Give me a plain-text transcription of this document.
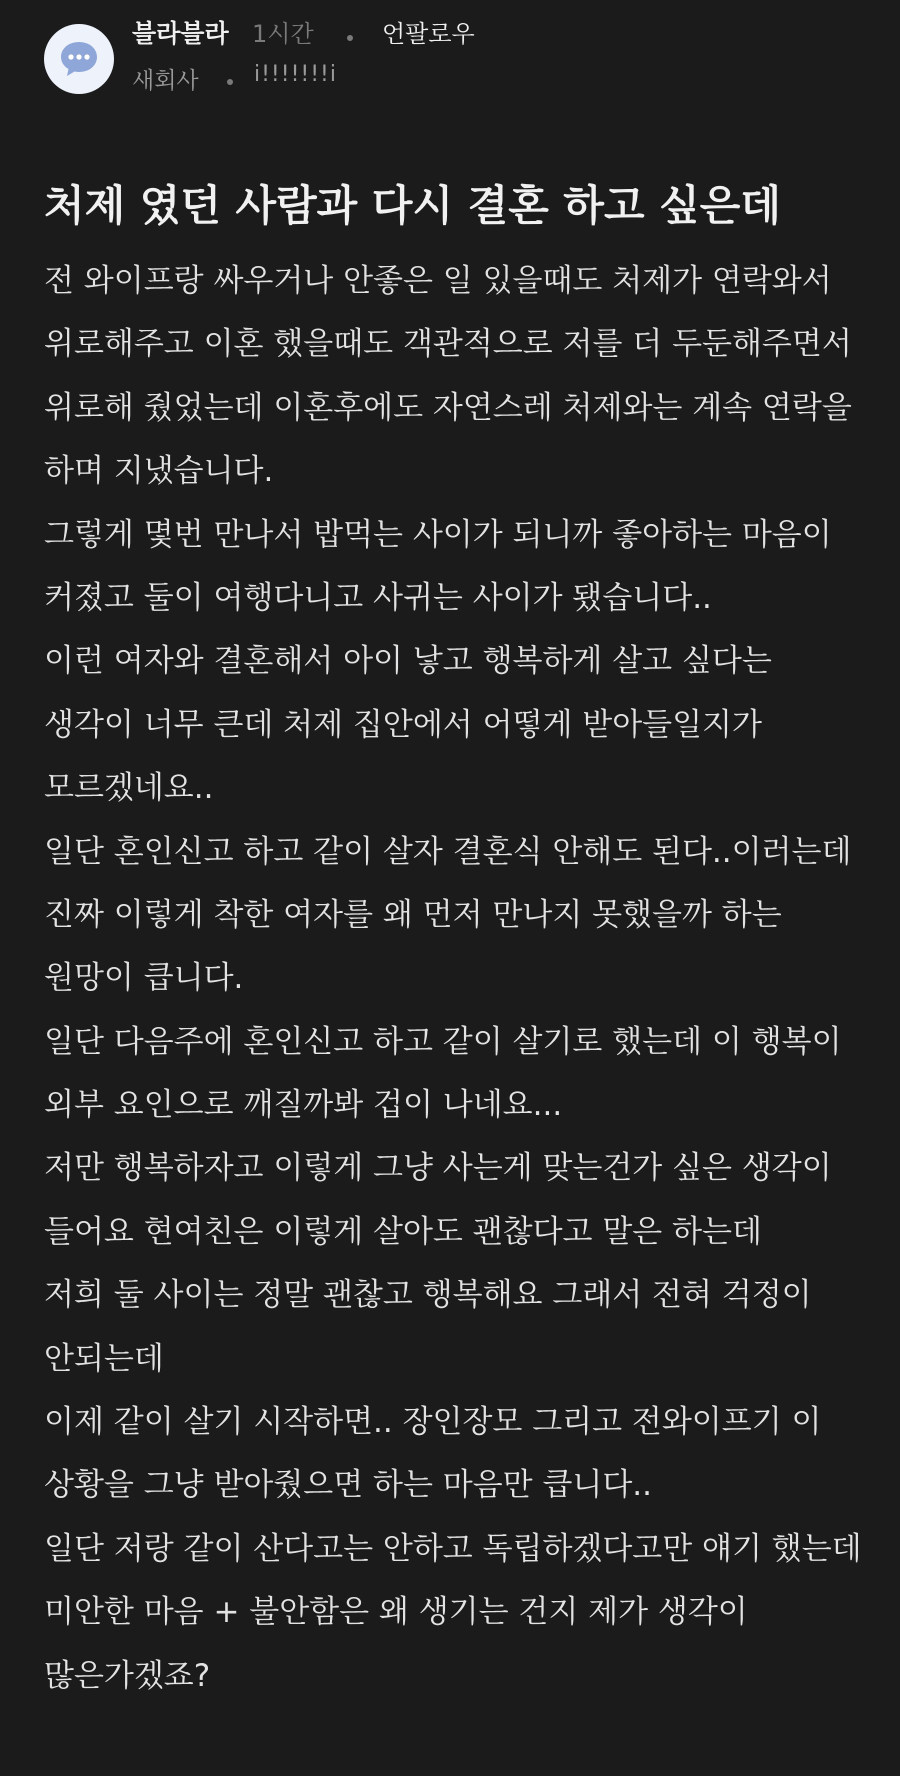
블라블라 1시간	언팔로우
새회사	i!!!!!!!i
처제 였던 사람과 다시 결혼 하고 싶은데
전 와이프랑 싸우거나 안좋은 일 있을때도 처제가 연락와서
위로해주고 이혼 했을때도 객관적으로 저를 더 두둔해주면서
위로해 줬었는데 이혼후에도 자연스레 처제와는 계속 연락을
하며 지냈습니다.
그렇게 몇번 만나서 밥먹는 사이가 되니까 좋아하는 마음이
커졌고 둘이 여행다니고 사귀는 사이가 됐습니다..
이런 여자와 결혼해서 아이 낳고 행복하게 살고 싶다는
생각이 너무 큰데 처제 집안에서 어떻게 받아들일지가
모르겠네요..
일단 혼인신고 하고 같이 살자 결혼식 안해도 된다..이러는데
진짜 이렇게 착한 여자를 왜 먼저 만나지 못했을까 하는
원망이 큽니다.
일단 다음주에 혼인신고 하고 같이 살기로 했는데 이 행복이
외부 요인으로 깨질까봐 겁이 나네요...
저만 행복하자고 이렇게 그냥 사는게 맞는건가 싶은 생각이
들어요 현여친은 이렇게 살아도 괜찮다고 말은 하는데
저희 둘 사이는 정말 괜찮고 행복해요 그래서 전혀 걱정이
안되는데
이제 같이 살기 시작하면.. 장인장모 그리고 전와이프기 이
상황을 그냥 받아줬으면 하는 마음만 큽니다..
일단 저랑 같이 산다고는 안하고 독립하겠다고만 얘기 했는데
미안한 마음 + 불안함은 왜 생기는 건지 제가 생각이
많은가겠죠?
